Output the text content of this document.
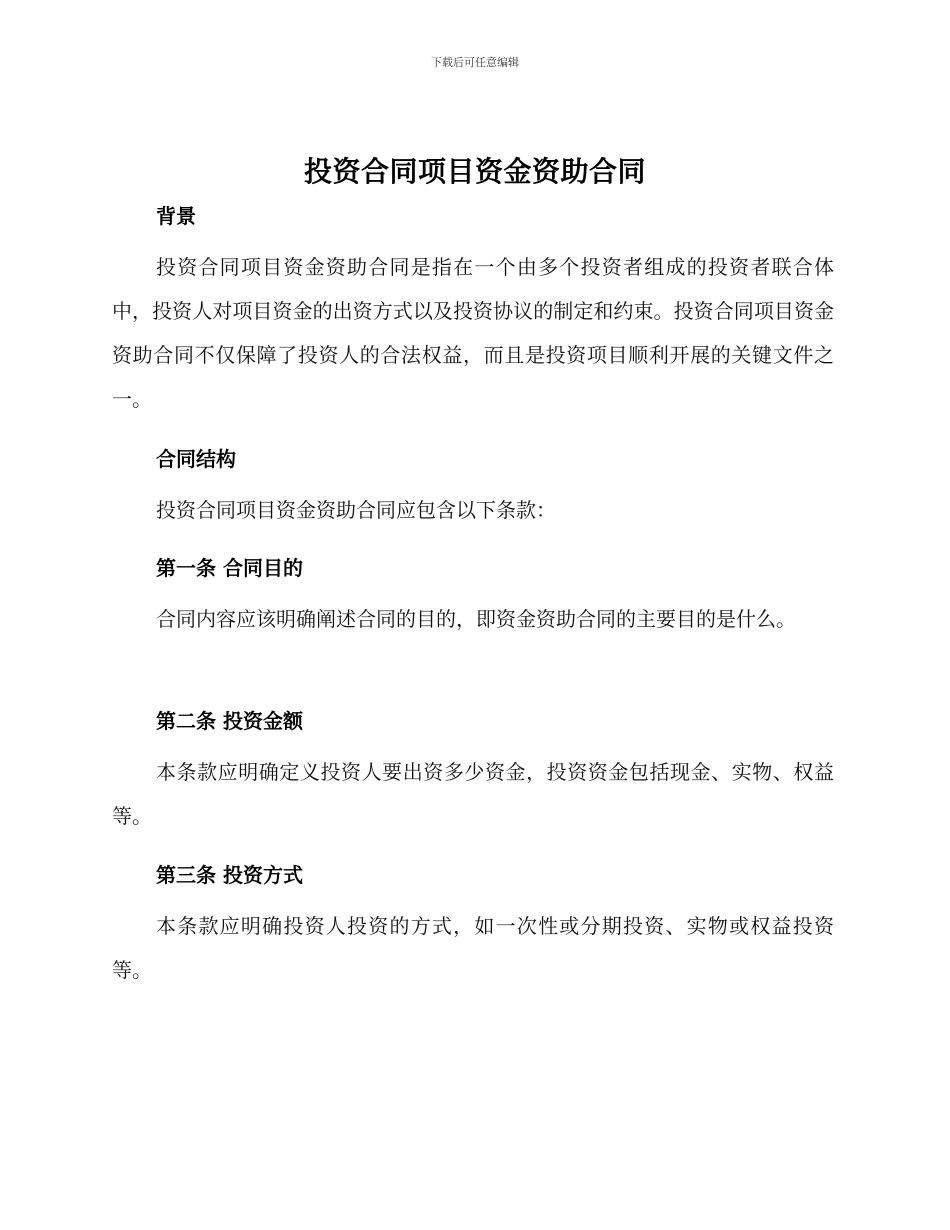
下载后可任意编辑
投资合同项目资金资助合同
背景
投资合同项目资金资助合同是指在一个由多个投资者组成的投资者联合体中，投资人对项目资金的出资方式以及投资协议的制定和约束。投资合同项目资金资助合同不仅保障了投资人的合法权益，而且是投资项目顺利开展的关键文件之一。
合同结构
投资合同项目资金资助合同应包含以下条款：
第一条 合同目的
合同内容应该明确阐述合同的目的，即资金资助合同的主要目的是什么。
第二条 投资金额
本条款应明确定义投资人要出资多少资金，投资资金包括现金、实物、权益等。
第三条 投资方式
本条款应明确投资人投资的方式，如一次性或分期投资、实物或权益投资等。
